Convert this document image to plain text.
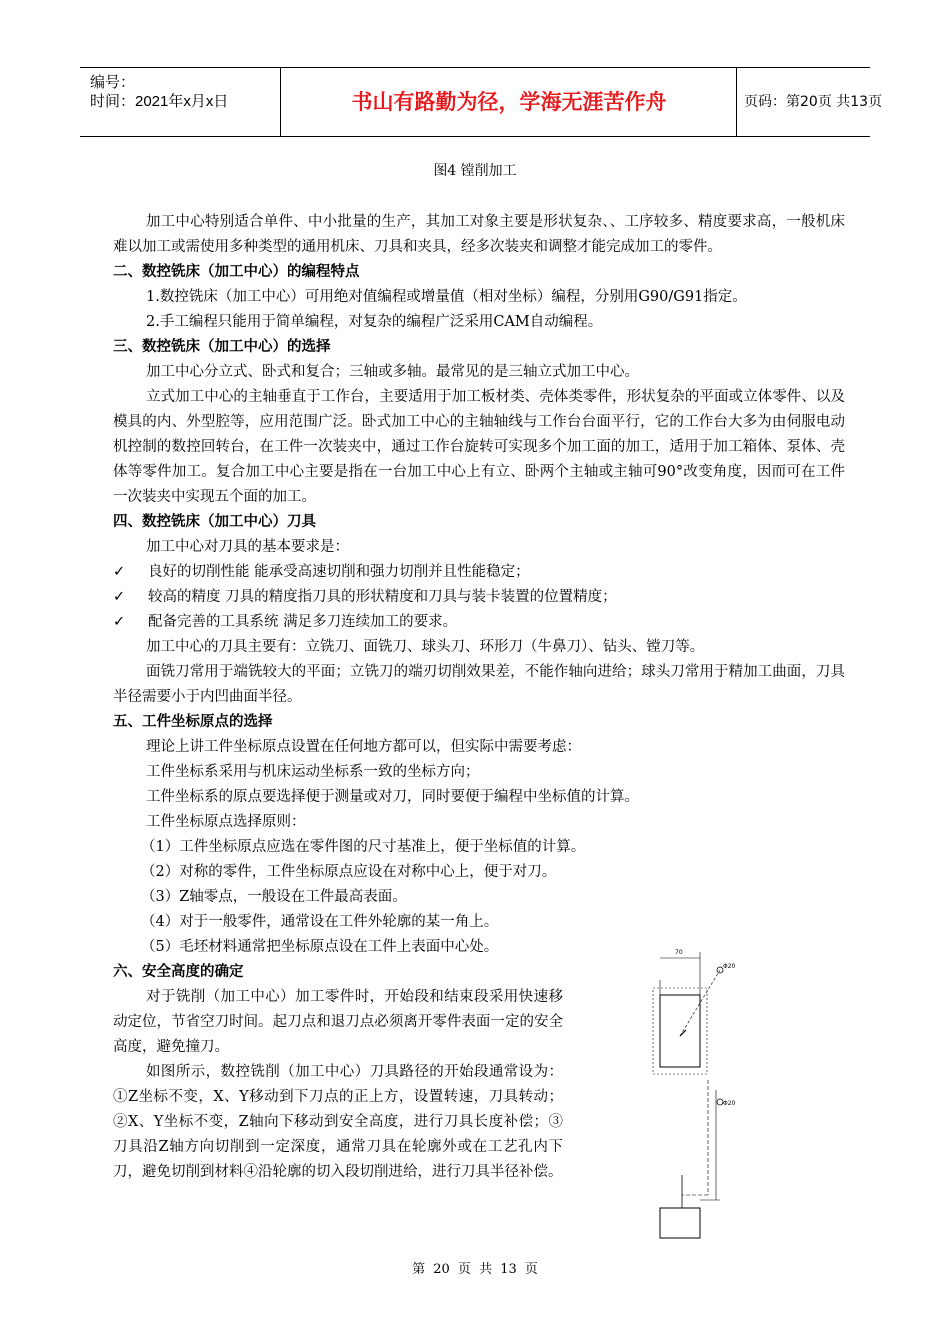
编号：
时间：2021年x月x日	书山有路勤为径，学海无涯苦作舟	页码：第20页 共13页
图4 镗削加工

加工中心特别适合单件、中小批量的生产，其加工对象主要是形状复杂、、工序较多、精度要求高，一般机床难以加工或需使用多种类型的通用机床、刀具和夹具，经多次装夹和调整才能完成加工的零件。

二、数控铣床（加工中心）的编程特点

1.数控铣床（加工中心）可用绝对值编程或增量值（相对坐标）编程，分别用G90/G91指定。

2.手工编程只能用于简单编程，对复杂的编程广泛采用CAM自动编程。

三、数控铣床（加工中心）的选择

加工中心分立式、卧式和复合；三轴或多轴。最常见的是三轴立式加工中心。

立式加工中心的主轴垂直于工作台，主要适用于加工板材类、壳体类零件，形状复杂的平面或立体零件、以及模具的内、外型腔等，应用范围广泛。卧式加工中心的主轴轴线与工作台台面平行，它的工作台大多为由伺服电动机控制的数控回转台，在工件一次装夹中，通过工作台旋转可实现多个加工面的加工，适用于加工箱体、泵体、壳体等零件加工。复合加工中心主要是指在一台加工中心上有立、卧两个主轴或主轴可90°改变角度，因而可在工件一次装夹中实现五个面的加工。

四、数控铣床（加工中心）刀具

加工中心对刀具的基本要求是：

✓ 良好的切削性能 能承受高速切削和强力切削并且性能稳定；

✓ 较高的精度 刀具的精度指刀具的形状精度和刀具与装卡装置的位置精度；

✓ 配备完善的工具系统 满足多刀连续加工的要求。

加工中心的刀具主要有：立铣刀、面铣刀、球头刀、环形刀（牛鼻刀）、钻头、镗刀等。

面铣刀常用于端铣较大的平面；立铣刀的端刃切削效果差，不能作轴向进给；球头刀常用于精加工曲面，刀具半径需要小于内凹曲面半径。

五、工件坐标原点的选择

理论上讲工件坐标原点设置在任何地方都可以，但实际中需要考虑：

工件坐标系采用与机床运动坐标系一致的坐标方向；

工件坐标系的原点要选择便于测量或对刀，同时要便于编程中坐标值的计算。

工件坐标原点选择原则：

（1）工件坐标原点应选在零件图的尺寸基准上，便于坐标值的计算。

（2）对称的零件，工件坐标原点应设在对称中心上，便于对刀。

（3）Z轴零点，一般设在工件最高表面。

（4）对于一般零件，通常设在工件外轮廓的某一角上。

（5）毛坯材料通常把坐标原点设在工件上表面中心处。

六、安全高度的确定

对于铣削（加工中心）加工零件时，开始段和结束段采用快速移动定位，节省空刀时间。起刀点和退刀点必须离开零件表面一定的安全高度，避免撞刀。

如图所示，数控铣削（加工中心）刀具路径的开始段通常设为：①Z坐标不变，X、Y移动到下刀点的正上方，设置转速，刀具转动；②X、Y坐标不变，Z轴向下移动到安全高度，进行刀具长度补偿；③刀具沿Z轴方向切削到一定深度，通常刀具在轮廓外或在工艺孔内下刀，避免切削到材料④沿轮廓的切入段切削进给，进行刀具半径补偿。

Φ20
70
Φ20
第 20 页 共 13 页
